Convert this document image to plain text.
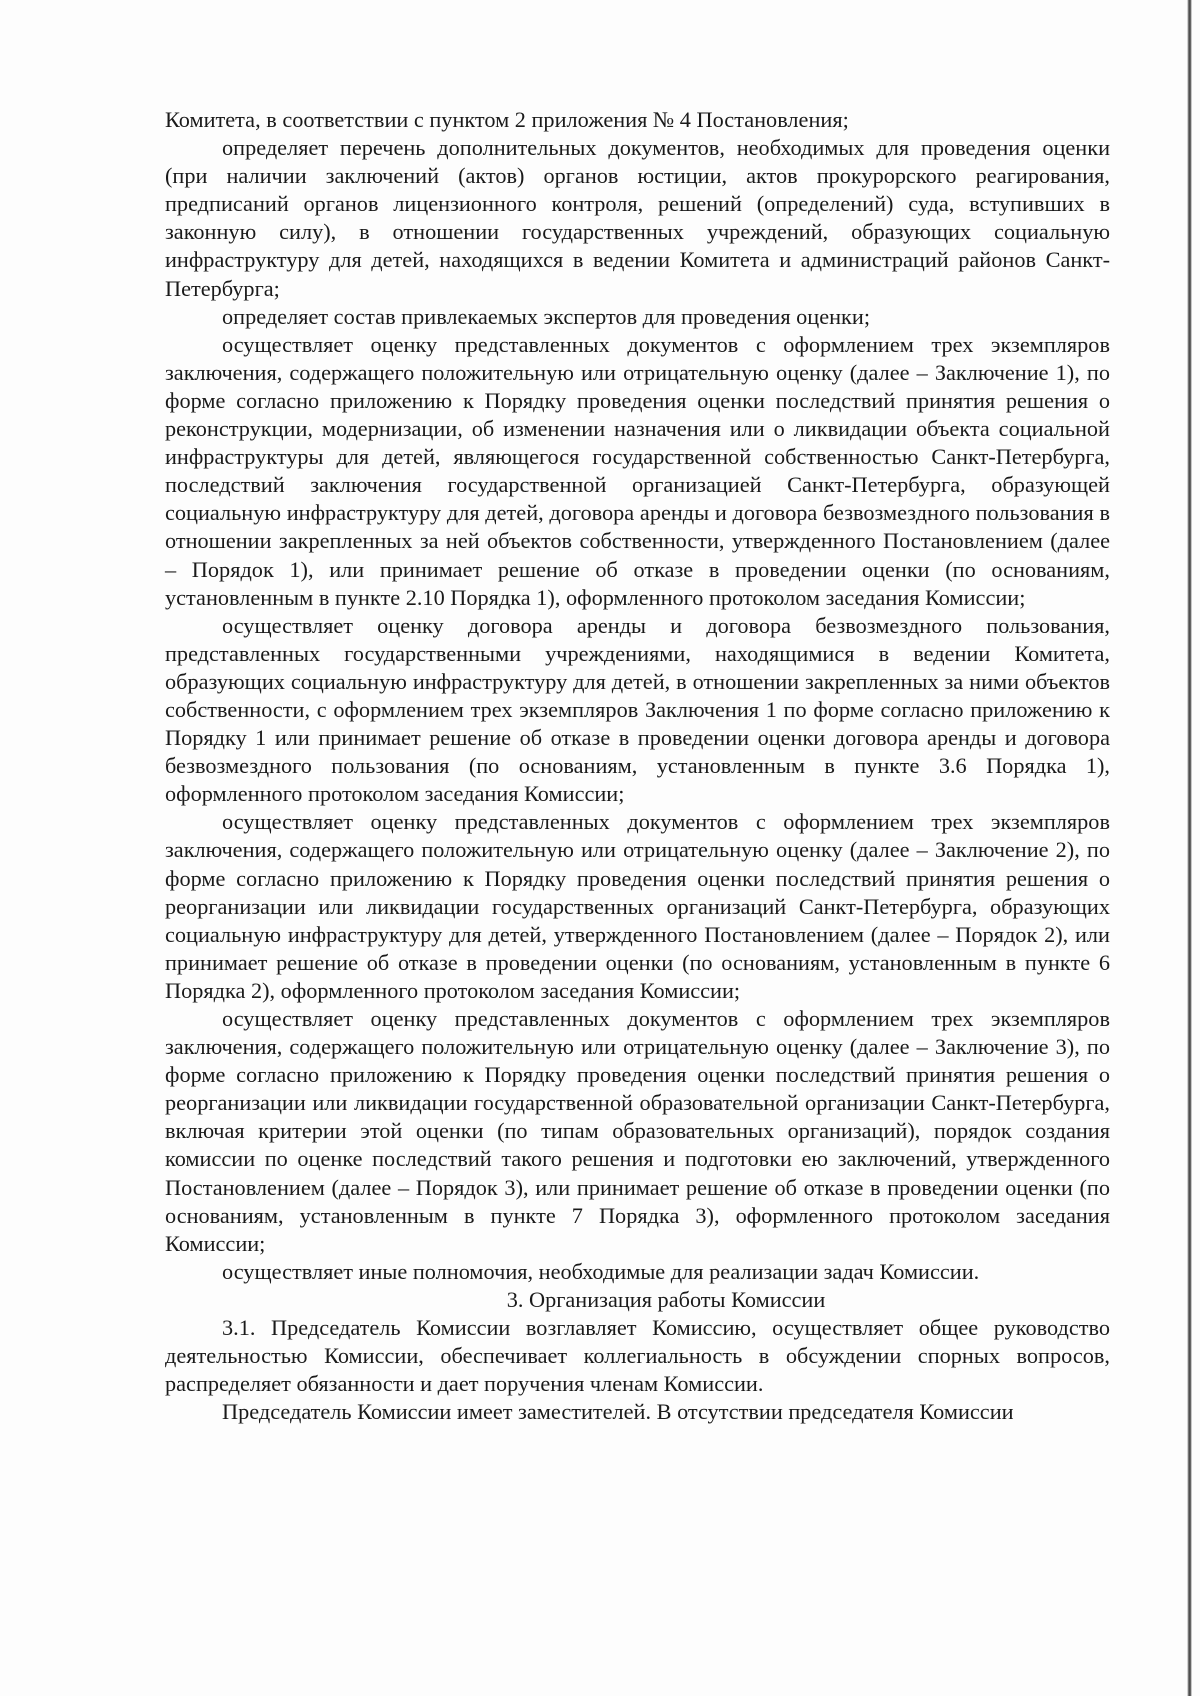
Комитета, в соответствии с пунктом 2 приложения № 4 Постановления;

определяет перечень дополнительных документов, необходимых для проведения оценки (при наличии заключений (актов) органов юстиции, актов прокурорского реагирования, предписаний органов лицензионного контроля, решений (определений) суда, вступивших в законную силу), в отношении государственных учреждений, образующих социальную инфраструктуру для детей, находящихся в ведении Комитета и администраций районов Санкт-Петербурга;

определяет состав привлекаемых экспертов для проведения оценки;

осуществляет оценку представленных документов с оформлением трех экземпляров заключения, содержащего положительную или отрицательную оценку (далее – Заключение 1), по форме согласно приложению к Порядку проведения оценки последствий принятия решения о реконструкции, модернизации, об изменении назначения или о ликвидации объекта социальной инфраструктуры для детей, являющегося государственной собственностью Санкт-Петербурга, последствий заключения государственной организацией Санкт-Петербурга, образующей социальную инфраструктуру для детей, договора аренды и договора безвозмездного пользования в отношении закрепленных за ней объектов собственности, утвержденного Постановлением (далее – Порядок 1), или принимает решение об отказе в проведении оценки (по основаниям, установленным в пункте 2.10 Порядка 1), оформленного протоколом заседания Комиссии;

осуществляет оценку договора аренды и договора безвозмездного пользования, представленных государственными учреждениями, находящимися в ведении Комитета, образующих социальную инфраструктуру для детей, в отношении закрепленных за ними объектов собственности, с оформлением трех экземпляров Заключения 1 по форме согласно приложению к Порядку 1 или принимает решение об отказе в проведении оценки договора аренды и договора безвозмездного пользования (по основаниям, установленным в пункте 3.6 Порядка 1), оформленного протоколом заседания Комиссии;

осуществляет оценку представленных документов с оформлением трех экземпляров заключения, содержащего положительную или отрицательную оценку (далее – Заключение 2), по форме согласно приложению к Порядку проведения оценки последствий принятия решения о реорганизации или ликвидации государственных организаций Санкт-Петербурга, образующих социальную инфраструктуру для детей, утвержденного Постановлением (далее – Порядок 2), или принимает решение об отказе в проведении оценки (по основаниям, установленным в пункте 6 Порядка 2), оформленного протоколом заседания Комиссии;

осуществляет оценку представленных документов с оформлением трех экземпляров заключения, содержащего положительную или отрицательную оценку (далее – Заключение 3), по форме согласно приложению к Порядку проведения оценки последствий принятия решения о реорганизации или ликвидации государственной образовательной организации Санкт-Петербурга, включая критерии этой оценки (по типам образовательных организаций), порядок создания комиссии по оценке последствий такого решения и подготовки ею заключений, утвержденного Постановлением (далее – Порядок 3), или принимает решение об отказе в проведении оценки (по основаниям, установленным в пункте 7 Порядка 3), оформленного протоколом заседания Комиссии;

осуществляет иные полномочия, необходимые для реализации задач Комиссии.

3. Организация работы Комиссии

3.1. Председатель Комиссии возглавляет Комиссию, осуществляет общее руководство деятельностью Комиссии, обеспечивает коллегиальность в обсуждении спорных вопросов, распределяет обязанности и дает поручения членам Комиссии.

Председатель Комиссии имеет заместителей. В отсутствии председателя Комиссии
